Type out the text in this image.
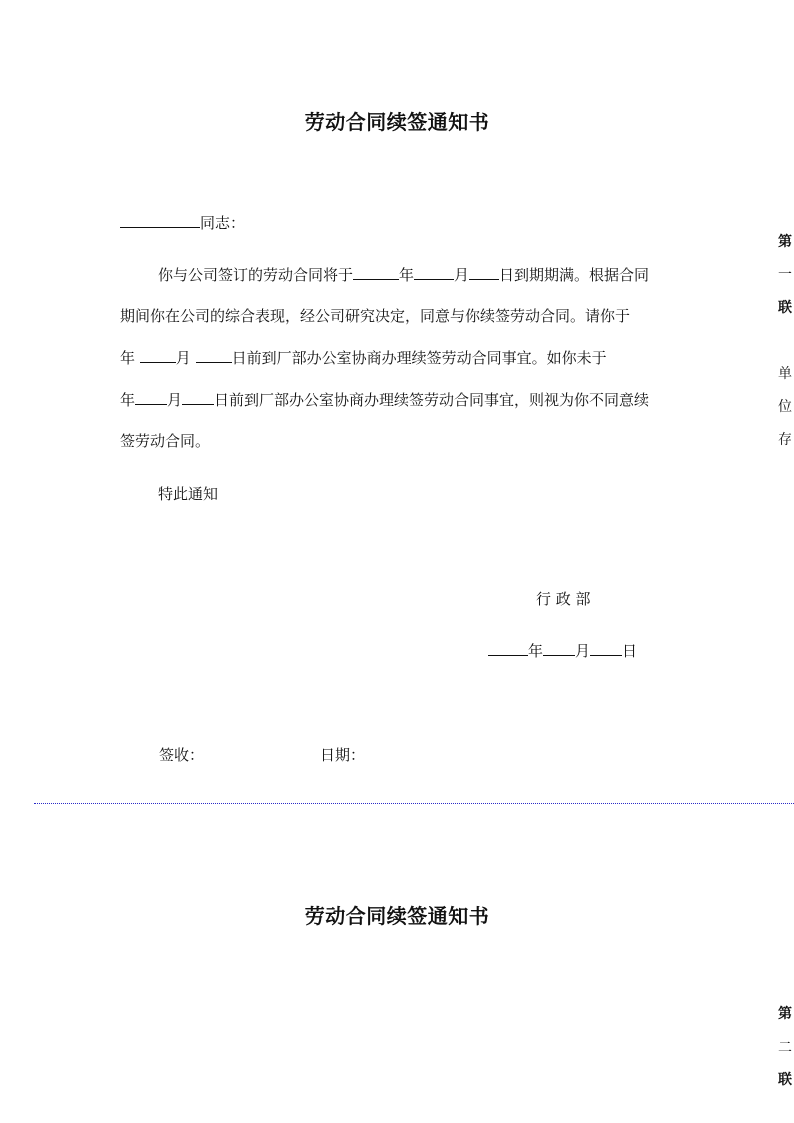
劳动合同续签通知书
同志：
你与公司签订的劳动合同将于	年	月 日到期期满。根据合同
期间你在公司的综合表现，经公司研究决定，同意与你续签劳动合同。请你于
年	月	日前到厂部办公室协商办理续签劳动合同事宜。如你未于
年 月 日前到厂部办公室协商办理续签劳动合同事宜，则视为你不同意续
签劳动合同。
特此通知
行 政 部
年 月 日
签收：	日期：
第
一
联
单
位
存
劳动合同续签通知书
第
二
联
